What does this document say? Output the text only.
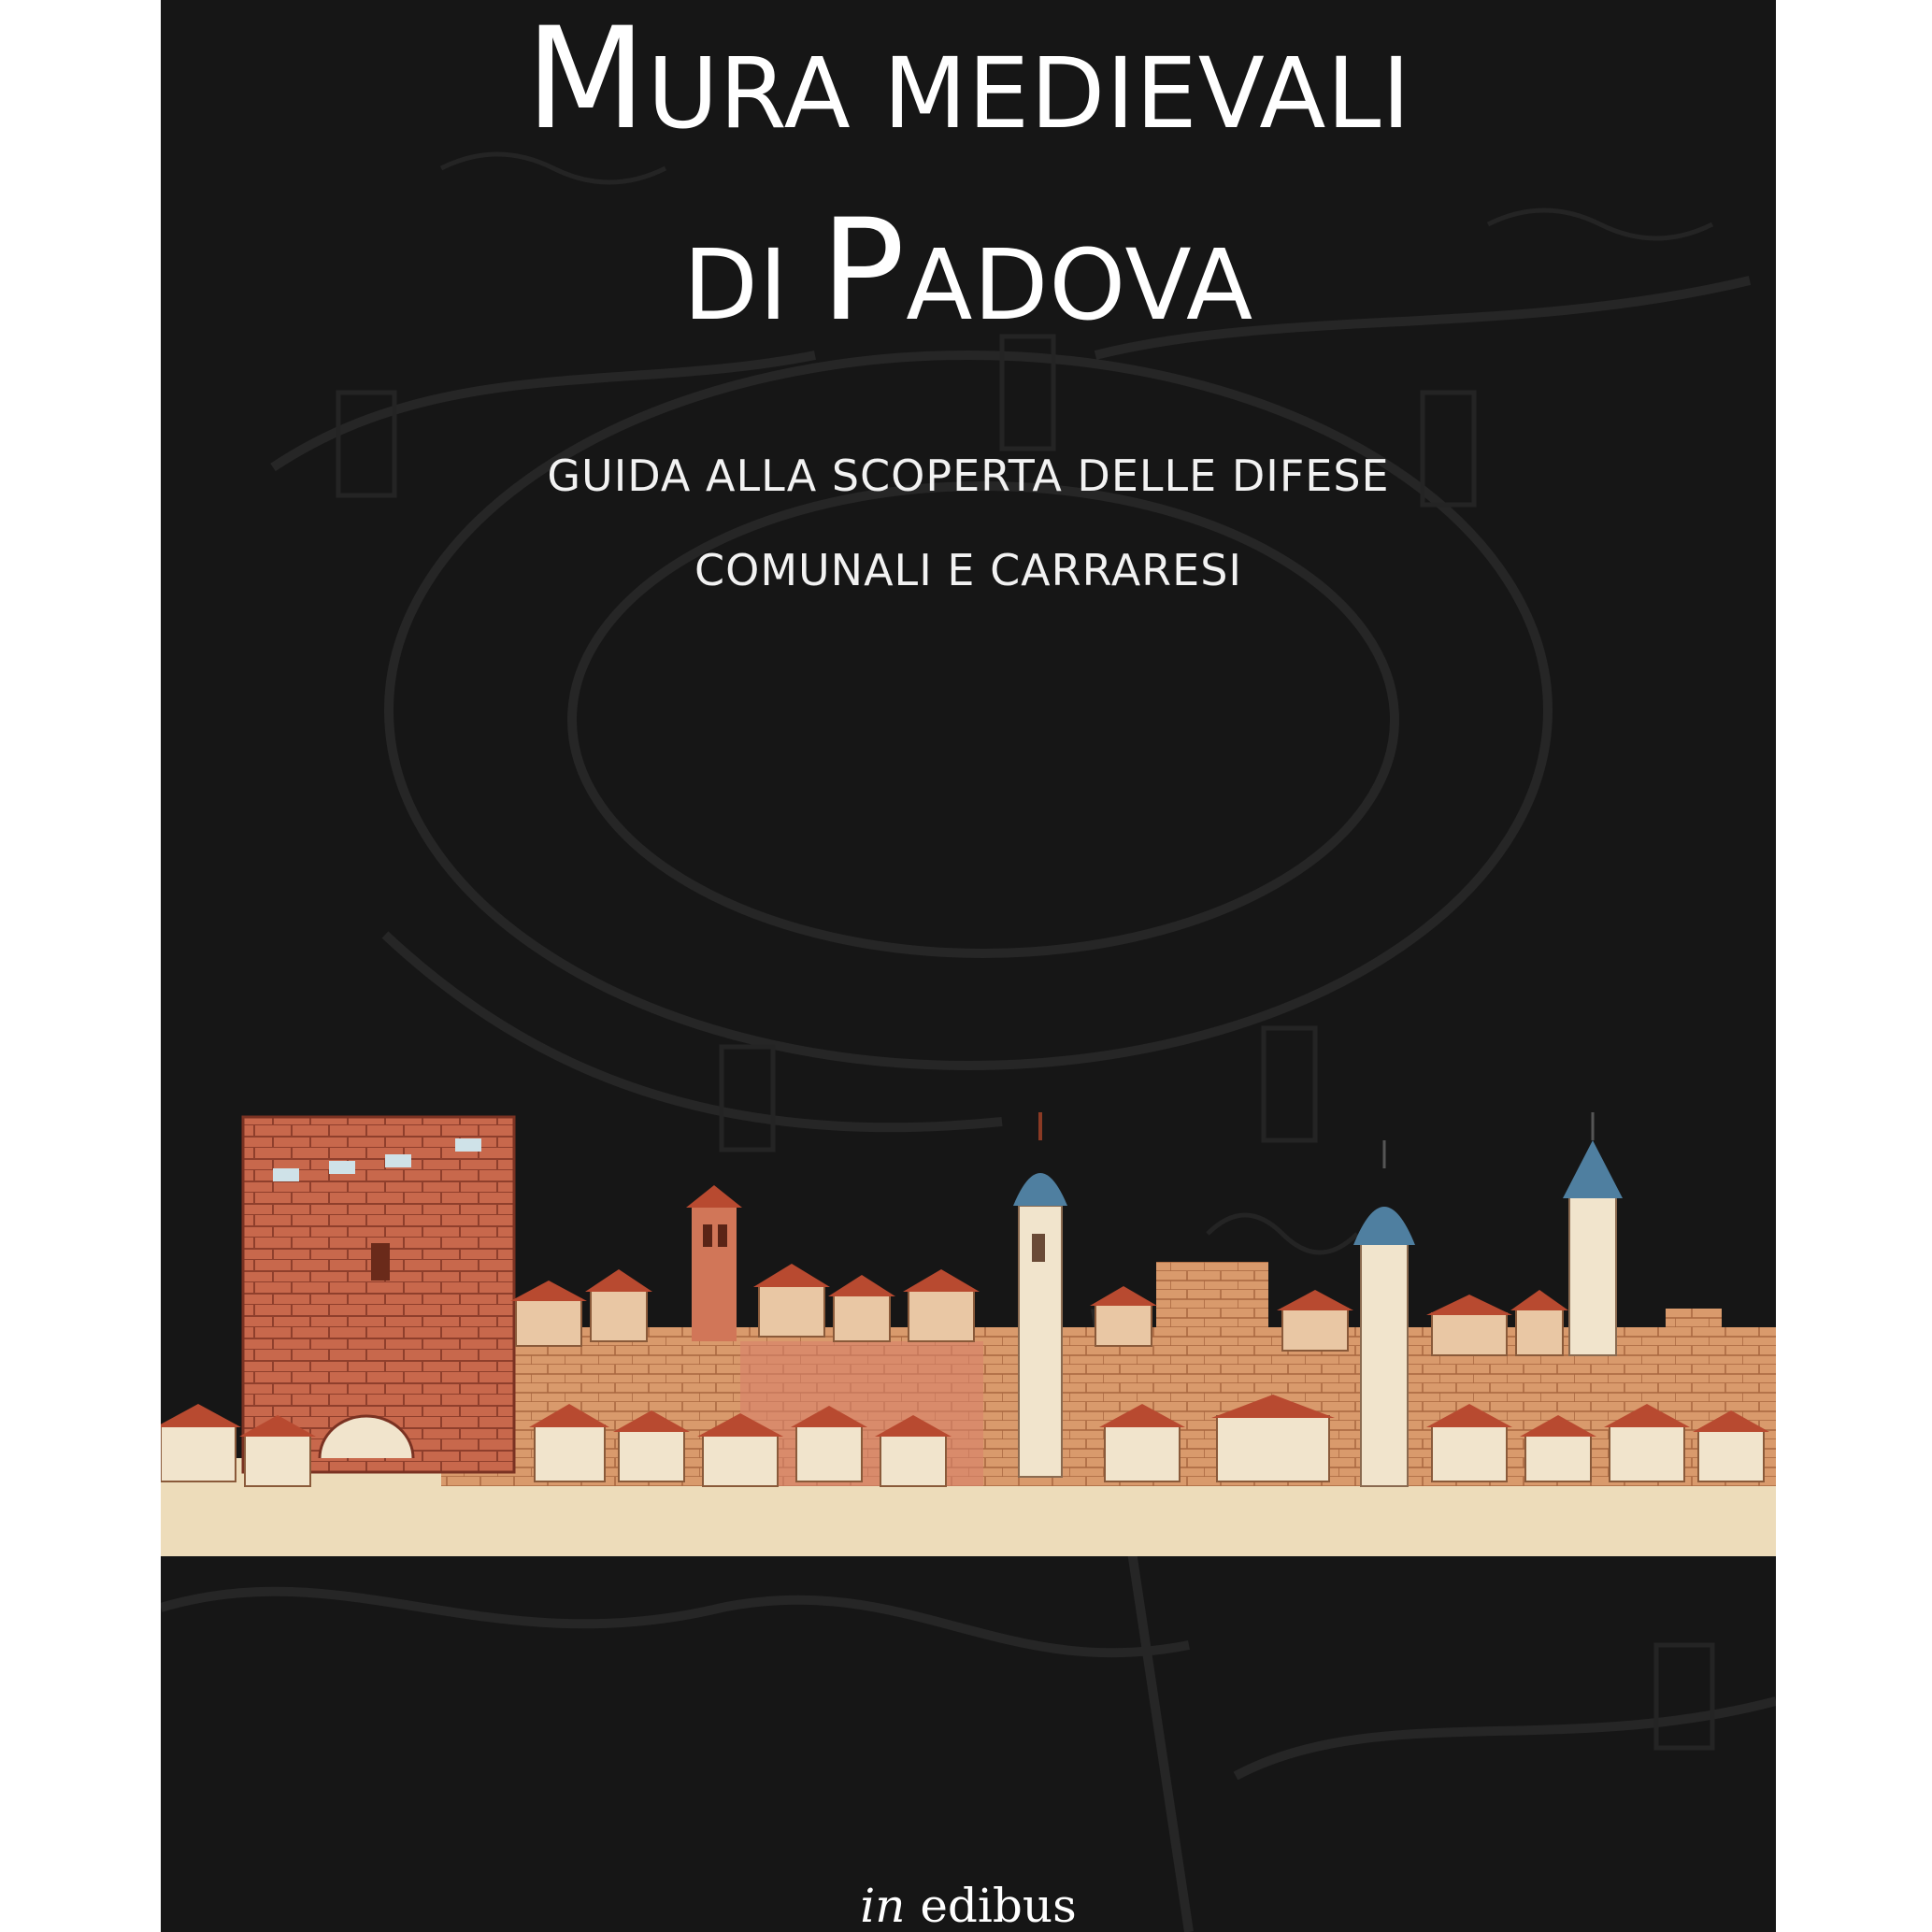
MURA MEDIEVALI
DI PADOVA

GUIDA ALLA SCOPERTA DELLE DIFESE

COMUNALI E CARRARESI

in edibus
